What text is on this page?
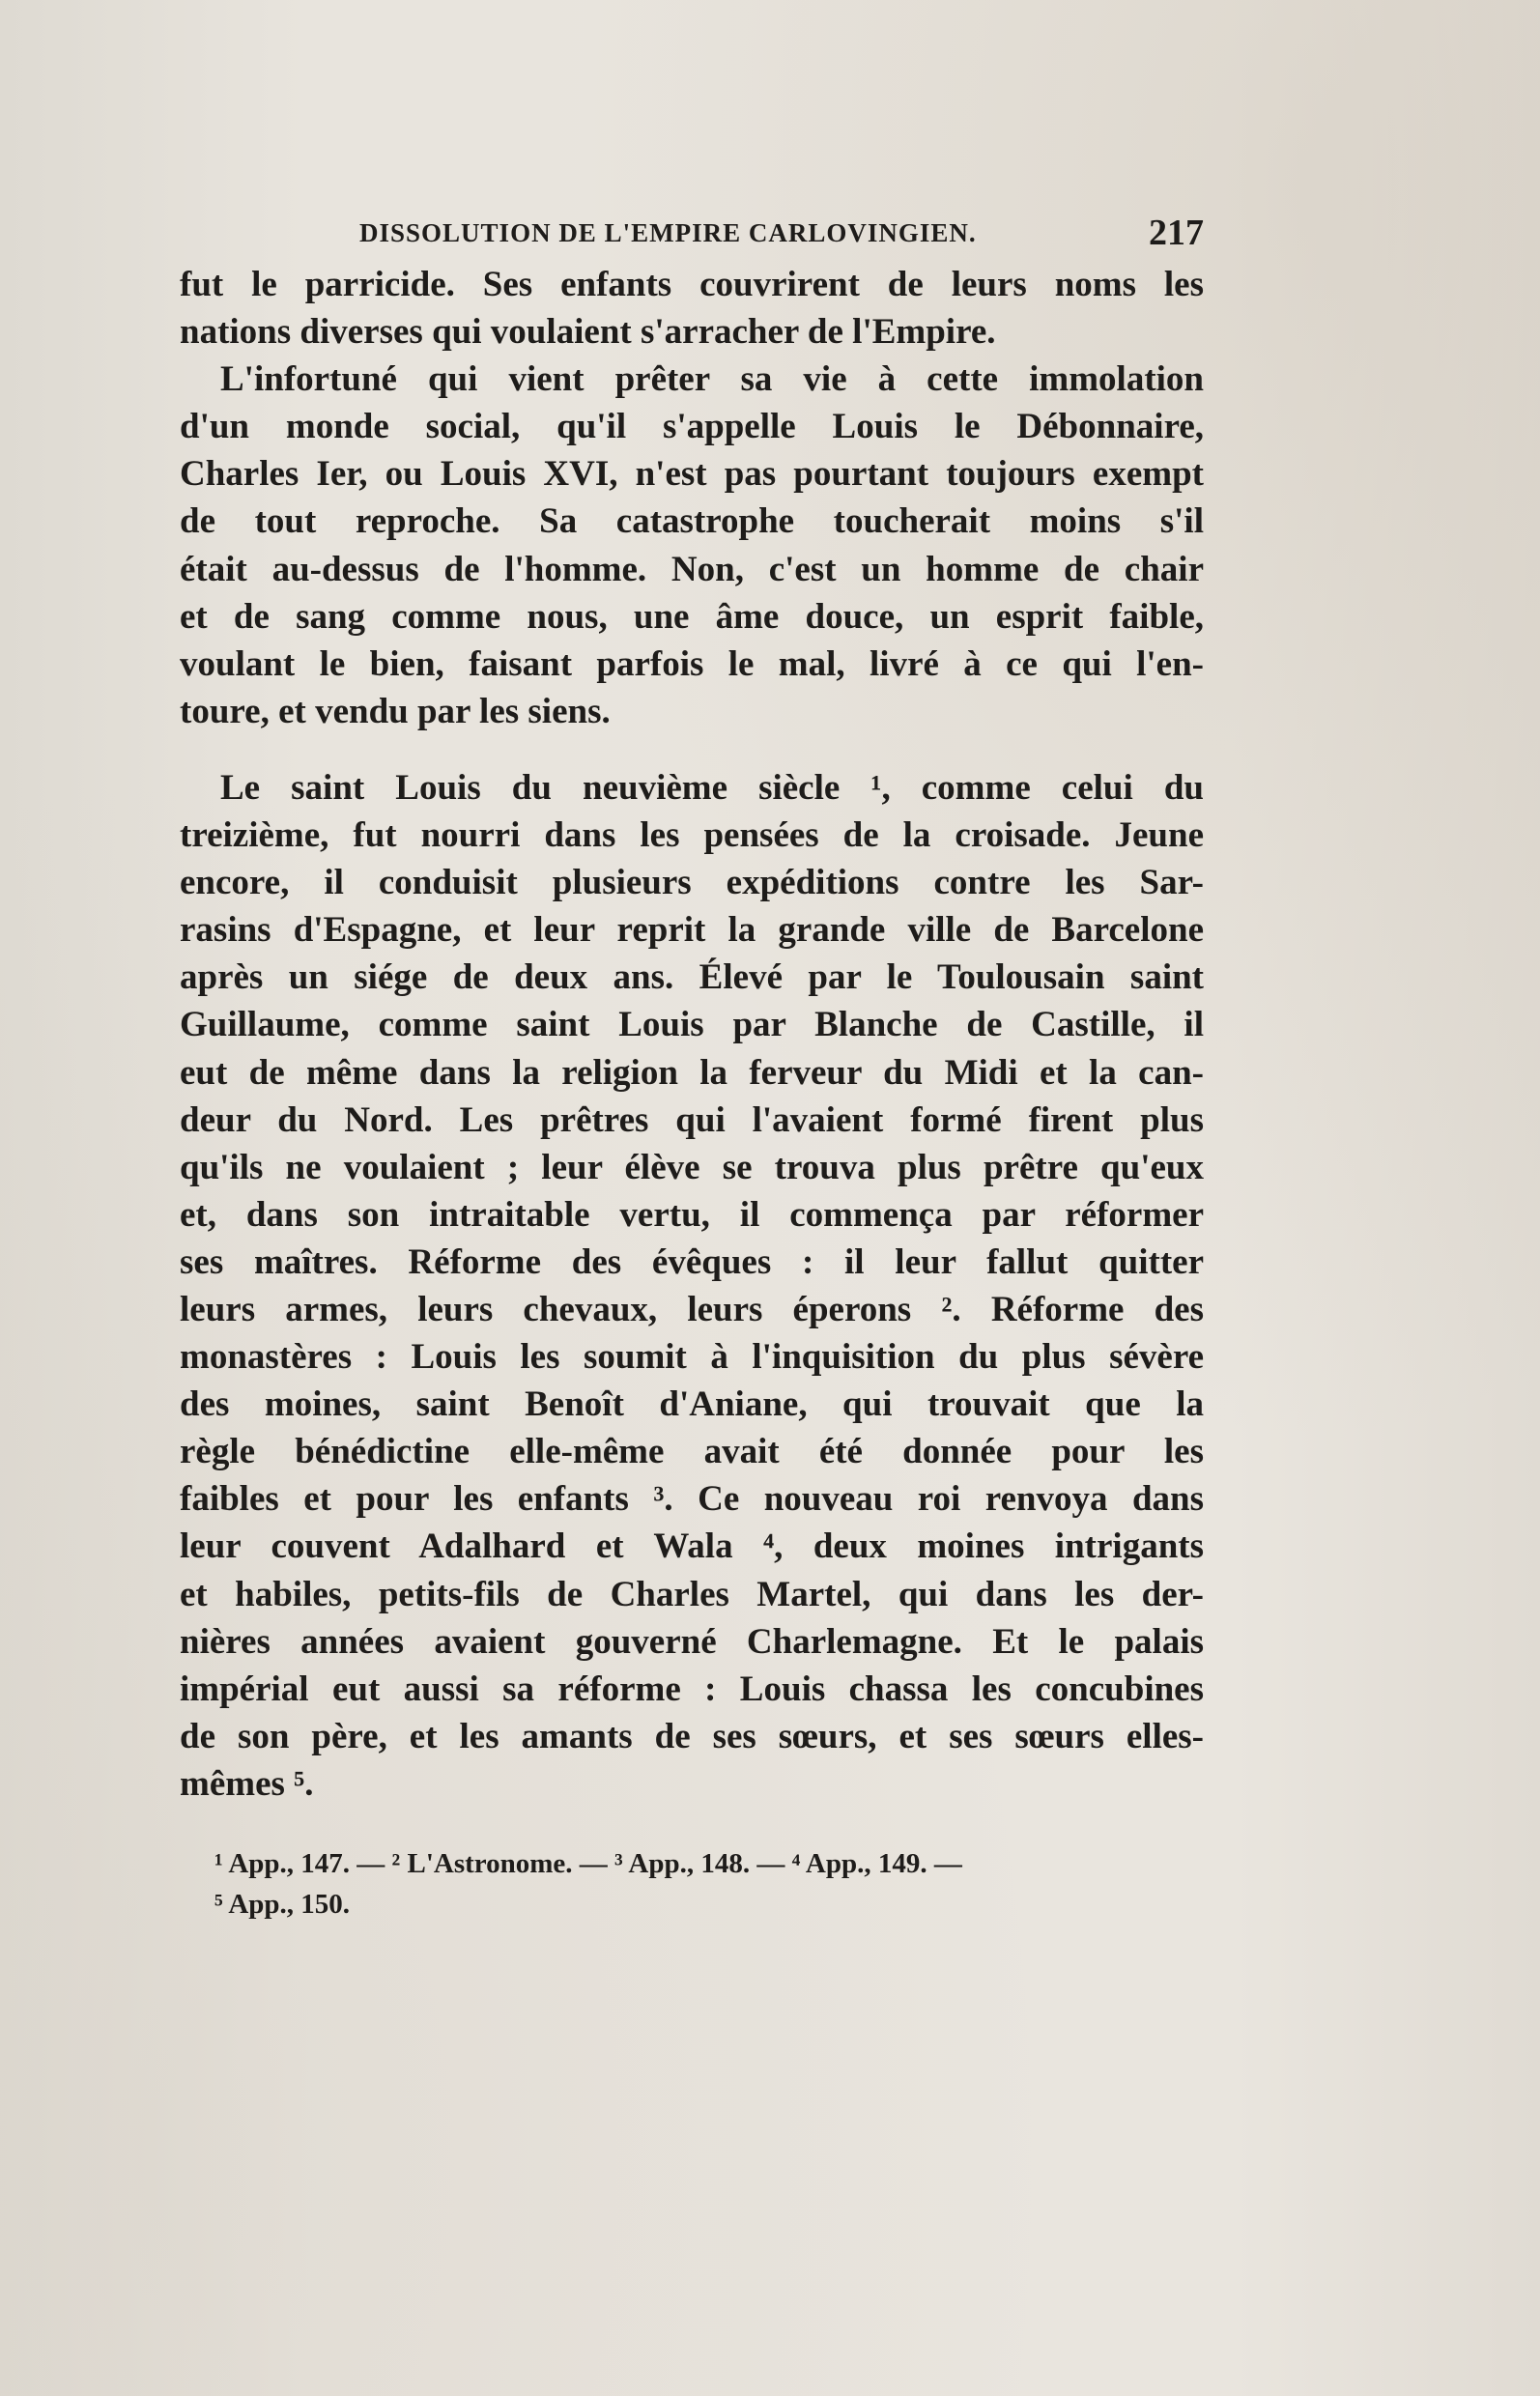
DISSOLUTION DE L'EMPIRE CARLOVINGIEN.	217
fut le parricide. Ses enfants couvrirent de leurs noms les
nations diverses qui voulaient s'arracher de l'Empire.
L'infortuné qui vient prêter sa vie à cette immolation
d'un monde social, qu'il s'appelle Louis le Débonnaire,
Charles Ier, ou Louis XVI, n'est pas pourtant toujours exempt
de tout reproche. Sa catastrophe toucherait moins s'il
était au-dessus de l'homme. Non, c'est un homme de chair
et de sang comme nous, une âme douce, un esprit faible,
voulant le bien, faisant parfois le mal, livré à ce qui l'en-
toure, et vendu par les siens.
Le saint Louis du neuvième siècle ¹, comme celui du
treizième, fut nourri dans les pensées de la croisade. Jeune
encore, il conduisit plusieurs expéditions contre les Sar-
rasins d'Espagne, et leur reprit la grande ville de Barcelone
après un siége de deux ans. Élevé par le Toulousain saint
Guillaume, comme saint Louis par Blanche de Castille, il
eut de même dans la religion la ferveur du Midi et la can-
deur du Nord. Les prêtres qui l'avaient formé firent plus
qu'ils ne voulaient ; leur élève se trouva plus prêtre qu'eux
et, dans son intraitable vertu, il commença par réformer
ses maîtres. Réforme des évêques : il leur fallut quitter
leurs armes, leurs chevaux, leurs éperons ². Réforme des
monastères : Louis les soumit à l'inquisition du plus sévère
des moines, saint Benoît d'Aniane, qui trouvait que la
règle bénédictine elle-même avait été donnée pour les
faibles et pour les enfants ³. Ce nouveau roi renvoya dans
leur couvent Adalhard et Wala ⁴, deux moines intrigants
et habiles, petits-fils de Charles Martel, qui dans les der-
nières années avaient gouverné Charlemagne. Et le palais
impérial eut aussi sa réforme : Louis chassa les concubines
de son père, et les amants de ses sœurs, et ses sœurs elles-
mêmes ⁵.
¹ App., 147. — ² L'Astronome. — ³ App., 148. — ⁴ App., 149. —
⁵ App., 150.
